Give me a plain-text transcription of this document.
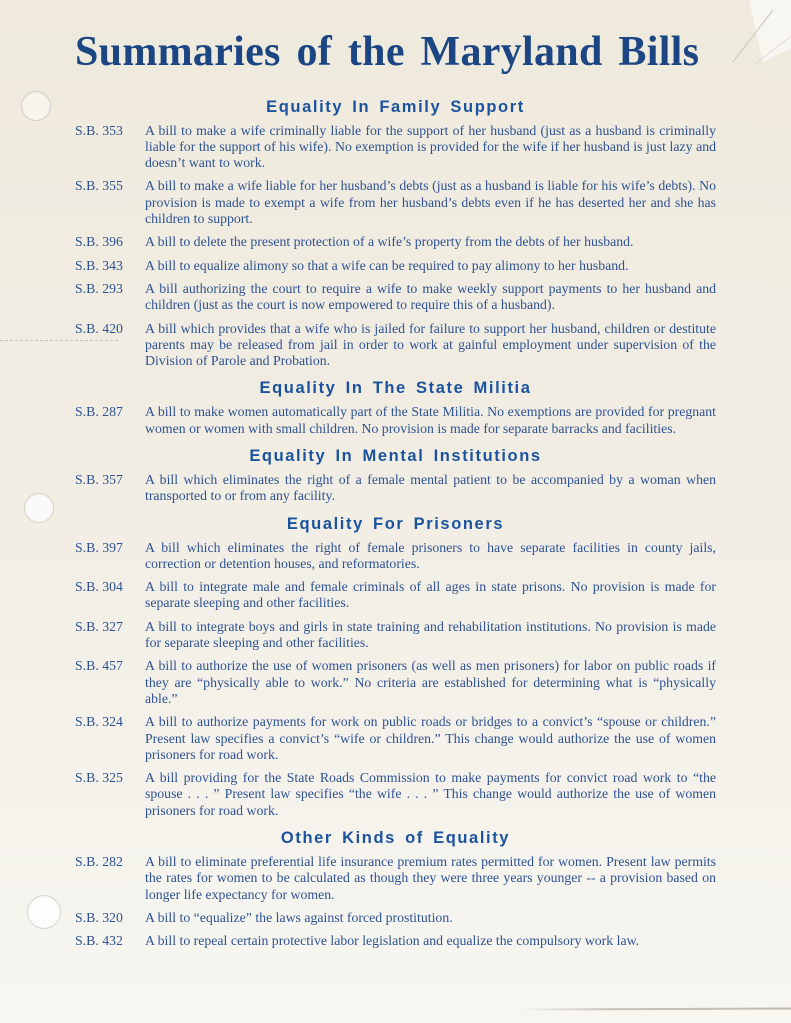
Summaries of the Maryland Bills
Equality In Family Support
S.B. 353	A bill to make a wife criminally liable for the support of her husband (just as a husband is criminally liable for the support of his wife). No exemption is provided for the wife if her husband is just lazy and doesn’t want to work.
S.B. 355	A bill to make a wife liable for her husband’s debts (just as a husband is liable for his wife’s debts). No provision is made to exempt a wife from her husband’s debts even if he has deserted her and she has children to support.
S.B. 396	A bill to delete the present protection of a wife’s property from the debts of her husband.
S.B. 343	A bill to equalize alimony so that a wife can be required to pay alimony to her husband.
S.B. 293	A bill authorizing the court to require a wife to make weekly support payments to her husband and children (just as the court is now empowered to require this of a husband).
S.B. 420	A bill which provides that a wife who is jailed for failure to support her husband, children or destitute parents may be released from jail in order to work at gainful employment under supervision of the Division of Parole and Probation.
Equality In The State Militia
S.B. 287	A bill to make women automatically part of the State Militia. No exemptions are provided for pregnant women or women with small children. No provision is made for separate barracks and facilities.
Equality In Mental Institutions
S.B. 357	A bill which eliminates the right of a female mental patient to be accompanied by a woman when transported to or from any facility.
Equality For Prisoners
S.B. 397	A bill which eliminates the right of female prisoners to have separate facilities in county jails, correction or detention houses, and reformatories.
S.B. 304	A bill to integrate male and female criminals of all ages in state prisons. No provision is made for separate sleeping and other facilities.
S.B. 327	A bill to integrate boys and girls in state training and rehabilitation institutions. No provision is made for separate sleeping and other facilities.
S.B. 457	A bill to authorize the use of women prisoners (as well as men prisoners) for labor on public roads if they are “physically able to work.” No criteria are established for determining what is “physically able.”
S.B. 324	A bill to authorize payments for work on public roads or bridges to a convict’s “spouse or children.” Present law specifies a convict’s “wife or children.” This change would authorize the use of women prisoners for road work.
S.B. 325	A bill providing for the State Roads Commission to make payments for convict road work to “the spouse . . . ” Present law specifies “the wife . . . ” This change would authorize the use of women prisoners for road work.
Other Kinds of Equality
S.B. 282	A bill to eliminate preferential life insurance premium rates permitted for women. Present law permits the rates for women to be calculated as though they were three years younger -- a provision based on longer life expectancy for women.
S.B. 320	A bill to “equalize” the laws against forced prostitution.
S.B. 432	A bill to repeal certain protective labor legislation and equalize the compulsory work law.
